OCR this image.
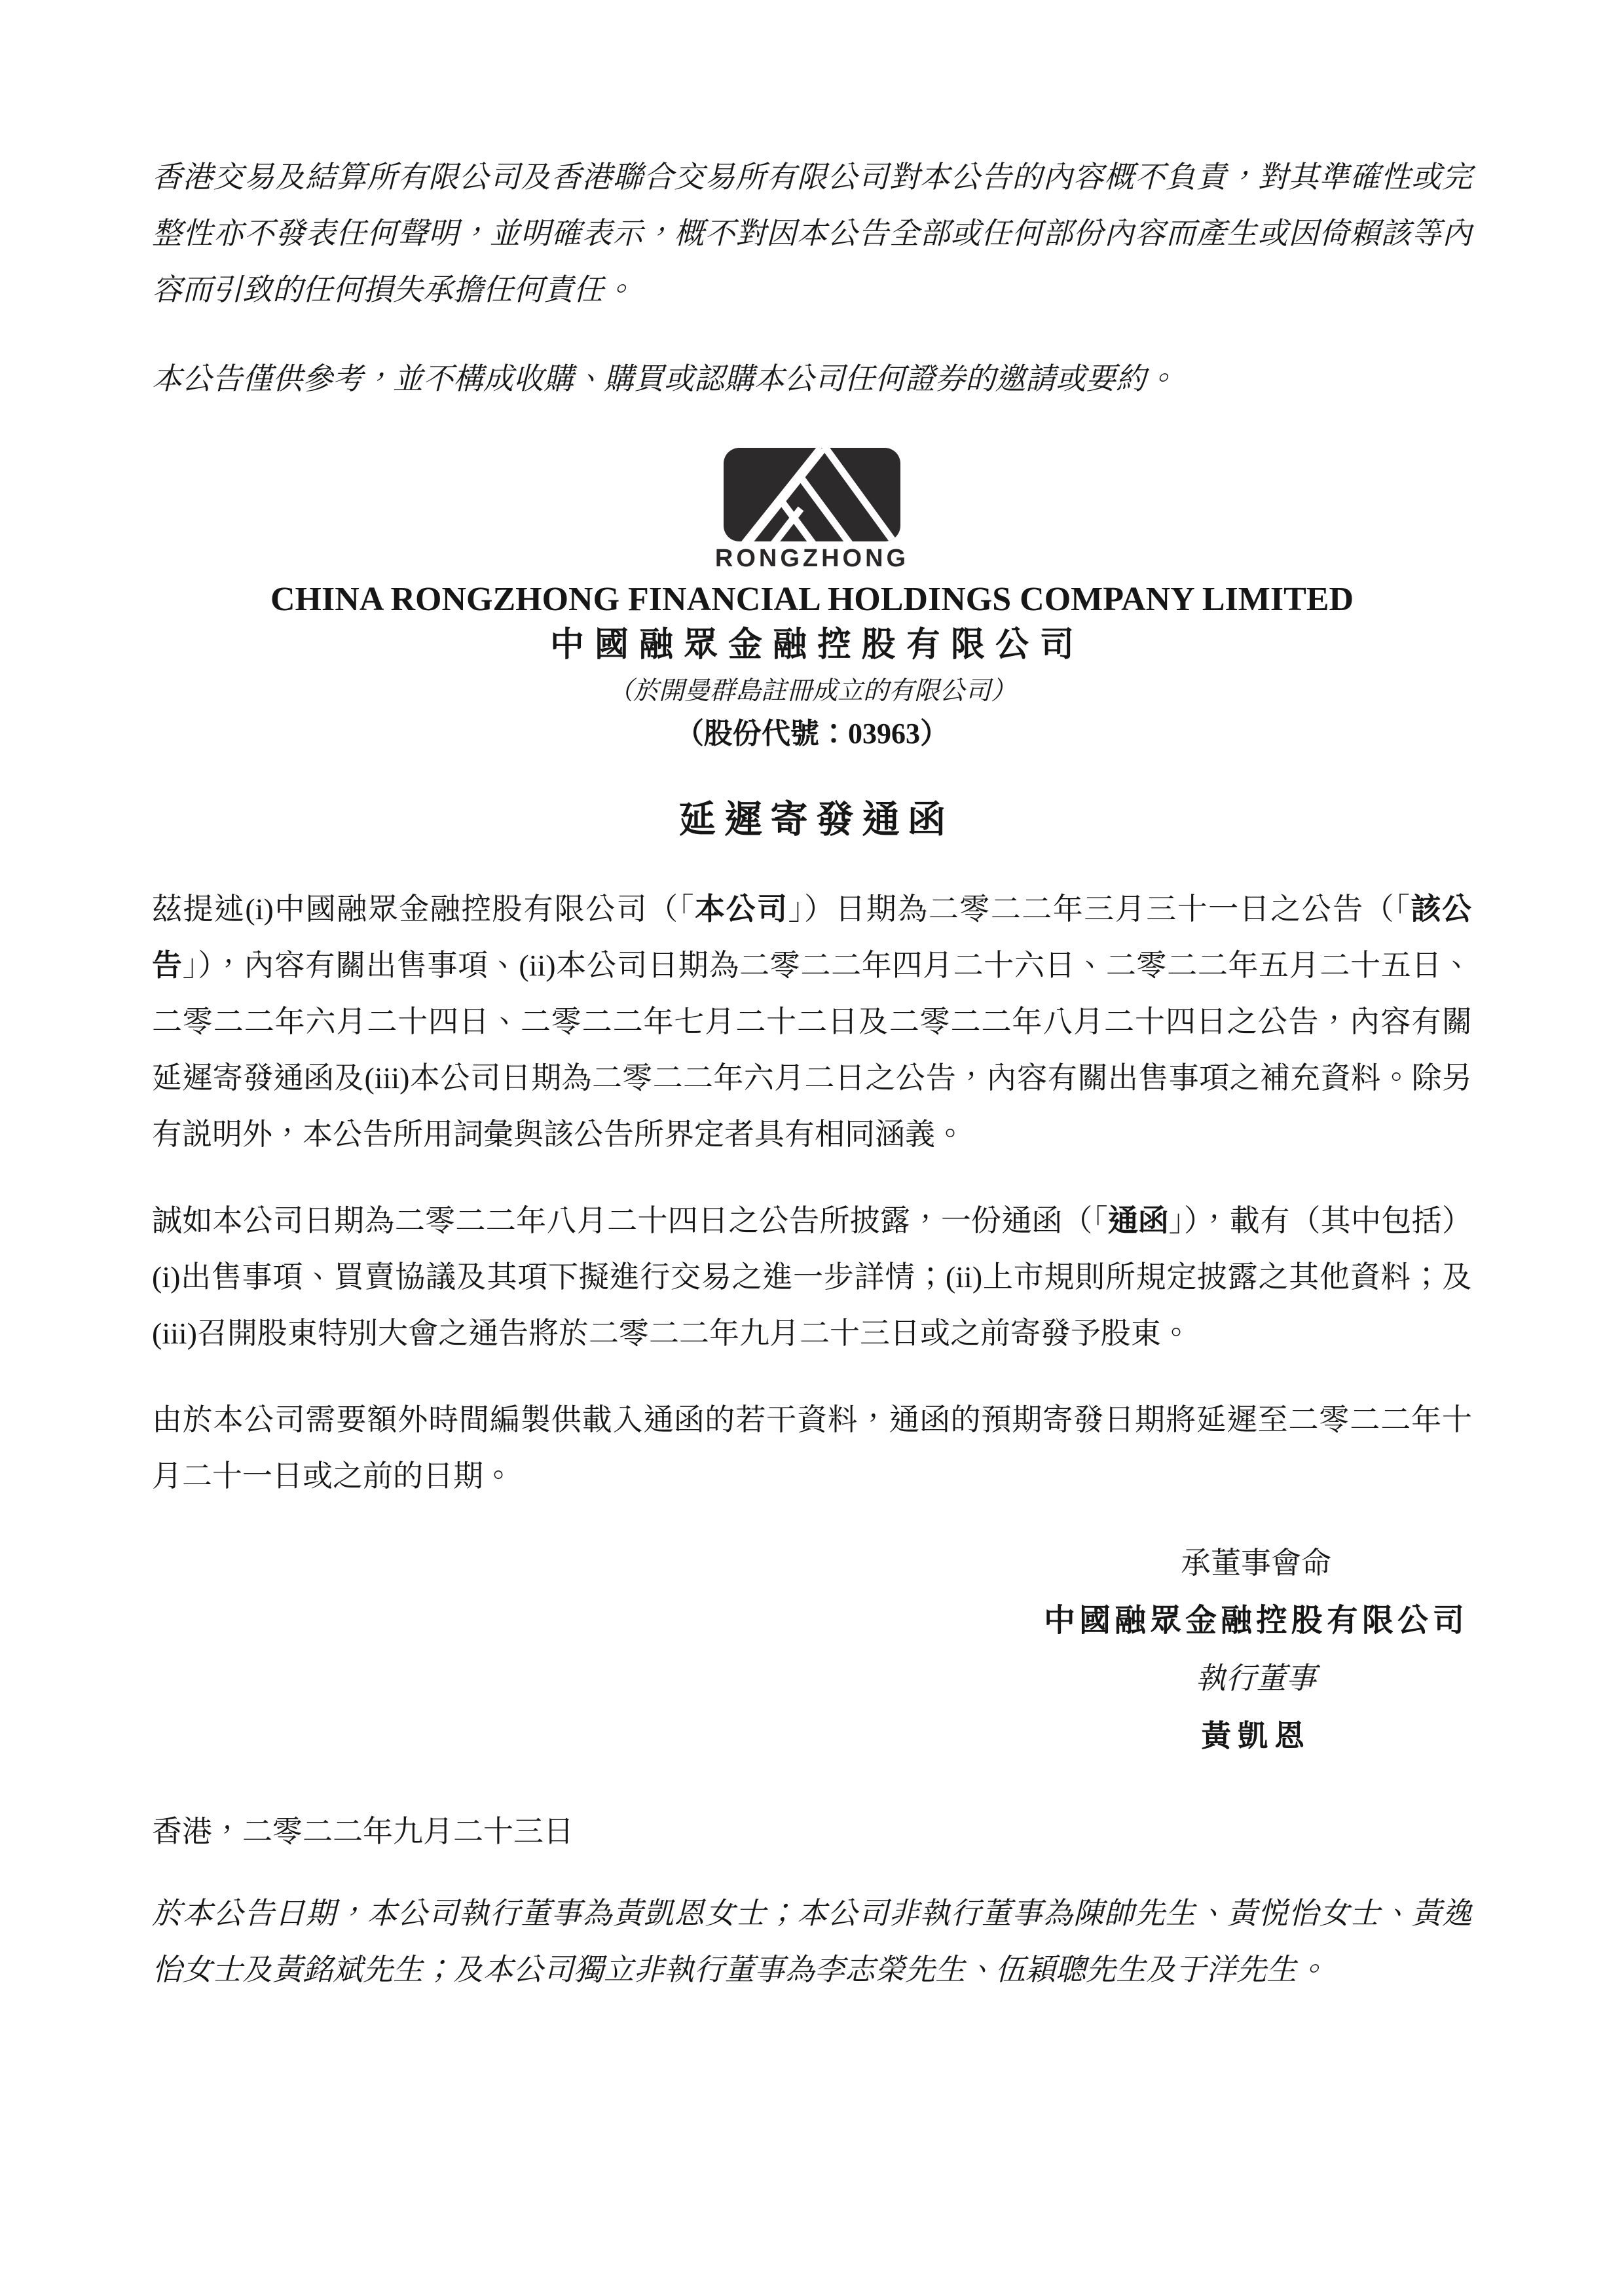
香港交易及結算所有限公司及香港聯合交易所有限公司對本公告的內容概不負責，對其準確性或完整性亦不發表任何聲明，並明確表示，概不對因本公告全部或任何部份內容而產生或因倚賴該等內容而引致的任何損失承擔任何責任。

本公告僅供參考，並不構成收購、購買或認購本公司任何證券的邀請或要約。

RONGZHONG
CHINA RONGZHONG FINANCIAL HOLDINGS COMPANY LIMITED
中國融眾金融控股有限公司
（於開曼群島註冊成立的有限公司）
（股份代號：03963）
延遲寄發通函

茲提述(i)中國融眾金融控股有限公司（「本公司」）日期為二零二二年三月三十一日之公告（「該公告」），內容有關出售事項、(ii)本公司日期為二零二二年四月二十六日、二零二二年五月二十五日、二零二二年六月二十四日、二零二二年七月二十二日及二零二二年八月二十四日之公告，內容有關延遲寄發通函及(iii)本公司日期為二零二二年六月二日之公告，內容有關出售事項之補充資料。除另有説明外，本公告所用詞彙與該公告所界定者具有相同涵義。

誠如本公司日期為二零二二年八月二十四日之公告所披露，一份通函（「通函」），載有（其中包括）(i)出售事項、買賣協議及其項下擬進行交易之進一步詳情；(ii)上市規則所規定披露之其他資料；及(iii)召開股東特別大會之通告將於二零二二年九月二十三日或之前寄發予股東。

由於本公司需要額外時間編製供載入通函的若干資料，通函的預期寄發日期將延遲至二零二二年十月二十一日或之前的日期。

承董事會命
中國融眾金融控股有限公司
執行董事
黃凱恩

香港，二零二二年九月二十三日

於本公告日期，本公司執行董事為黃凱恩女士；本公司非執行董事為陳帥先生、黃悦怡女士、黃逸怡女士及黃銘斌先生；及本公司獨立非執行董事為李志榮先生、伍穎聰先生及于洋先生。
